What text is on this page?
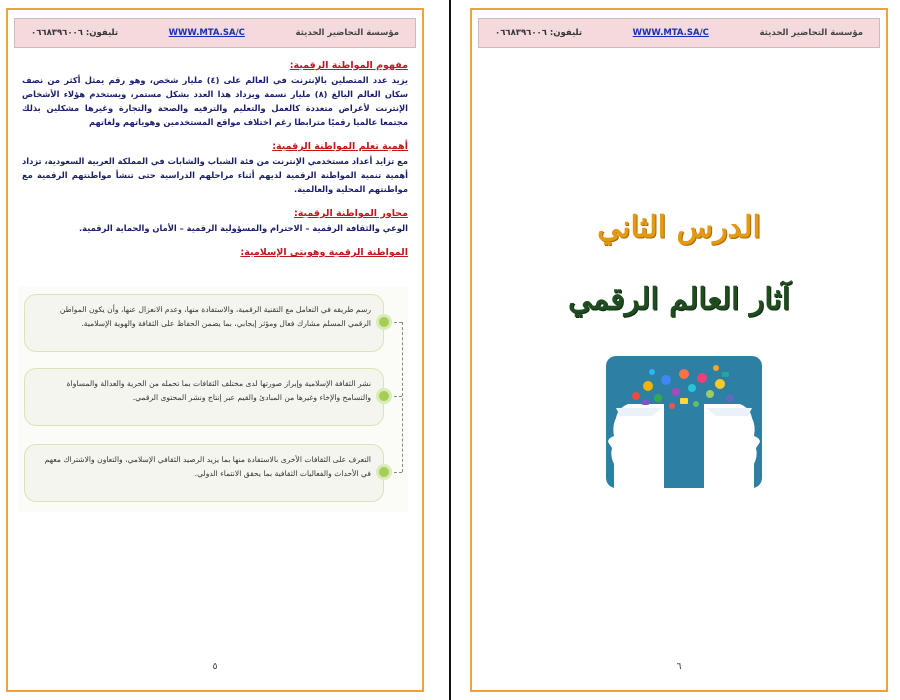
مؤسسة التحاضير الحديثة
WWW.MTA.SA/C
تليفون: ٠٦٦٨٣٩٦٠٠٦
مفهوم المواطنة الرقمية:
يزيد عدد المتصلين بالإنترنت في العالم على (٤) مليار شخص، وهو رقم يمثل أكثر من نصف سكان العالم البالغ (٨) مليار نسمة ويزداد هذا العدد بشكل مستمر، ويستخدم هؤلاء الأشخاص الإنترنت لأغراض متعددة كالعمل والتعليم والترفيه والصحة والتجارة وغيرها مشكلين بذلك مجتمعا عالميا رقميًا مترابطا رغم اختلاف مواقع المستخدمين وهوياتهم ولغاتهم
أهمية تعلم المواطنة الرقمية:
مع تزايد أعداد مستخدمي الإنترنت من فئة الشباب والشابات في المملكة العربية السعودية، تزداد أهمية تنمية المواطنة الرقمية لديهم أثناء مراحلهم الدراسية حتى تنشأ مواطنتهم الرقمية مع مواطنتهم المحلية والعالمية.
محاور المواطنة الرقمية:
الوعي والثقافة الرقمية – الاحترام والمسؤولية الرقمية – الأمان والحماية الرقمية.
المواطنة الرقمية وهويتي الإسلامية:
رسم طريقه في التعامل مع التقنية الرقمية، والاستفادة منها، وعدم الانعزال عنها، وأن يكون المواطن الرقمي المسلم مشارك فعال ومؤثر إيجابي، بما يضمن الحفاظ على الثقافة والهوية الإسلامية.
نشر الثقافة الإسلامية وإبراز صورتها لدى مختلف الثقافات بما تحمله من الحرية والعدالة والمساواة والتسامح والإخاء وغيرها من المبادئ والقيم عبر إنتاج ونشر المحتوى الرقمي.
التعرف على الثقافات الأخرى بالاستفادة منها بما يزيد الرصيد الثقافي الإسلامي، والتعاون والاشتراك معهم في الأحداث والفعاليات الثقافية بما يحقق الانتماء الدولي.
٥
مؤسسة التحاضير الحديثة
WWW.MTA.SA/C
تليفون: ٠٦٦٨٣٩٦٠٠٦
الدرس الثاني
آثار العالم الرقمي
٦
